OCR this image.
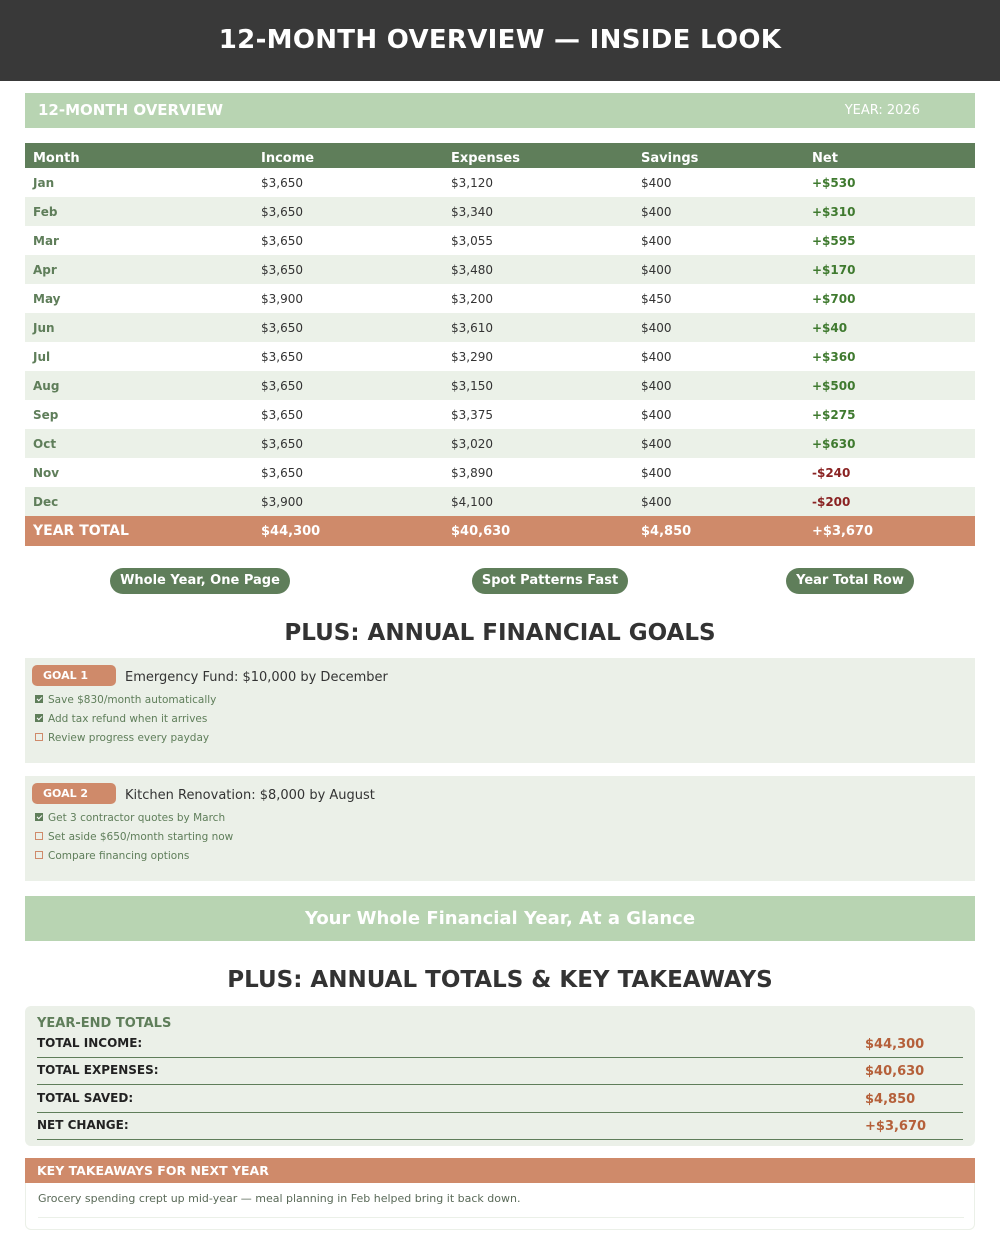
12-MONTH OVERVIEW — INSIDE LOOK
12-MONTH OVERVIEW	YEAR: 2026
Month	Income	Expenses	Savings	Net
Jan	$3,650	$3,120	$400	+$530
Feb	$3,650	$3,340	$400	+$310
Mar	$3,650	$3,055	$400	+$595
Apr	$3,650	$3,480	$400	+$170
May	$3,900	$3,200	$450	+$700
Jun	$3,650	$3,610	$400	+$40
Jul	$3,650	$3,290	$400	+$360
Aug	$3,650	$3,150	$400	+$500
Sep	$3,650	$3,375	$400	+$275
Oct	$3,650	$3,020	$400	+$630
Nov	$3,650	$3,890	$400	-$240
Dec	$3,900	$4,100	$400	-$200
YEAR TOTAL	$44,300	$40,630	$4,850	+$3,670
Whole Year, One Page	Spot Patterns Fast	Year Total Row
PLUS: ANNUAL FINANCIAL GOALS
GOAL 1	Emergency Fund: $10,000 by December
Save $830/month automatically
Add tax refund when it arrives
Review progress every payday
GOAL 2	Kitchen Renovation: $8,000 by August
Get 3 contractor quotes by March
Set aside $650/month starting now
Compare financing options
Your Whole Financial Year, At a Glance
PLUS: ANNUAL TOTALS & KEY TAKEAWAYS
YEAR-END TOTALS
TOTAL INCOME:	$44,300
TOTAL EXPENSES:	$40,630
TOTAL SAVED:	$4,850
NET CHANGE:	+$3,670
KEY TAKEAWAYS FOR NEXT YEAR
Grocery spending crept up mid-year — meal planning in Feb helped bring it back down.
